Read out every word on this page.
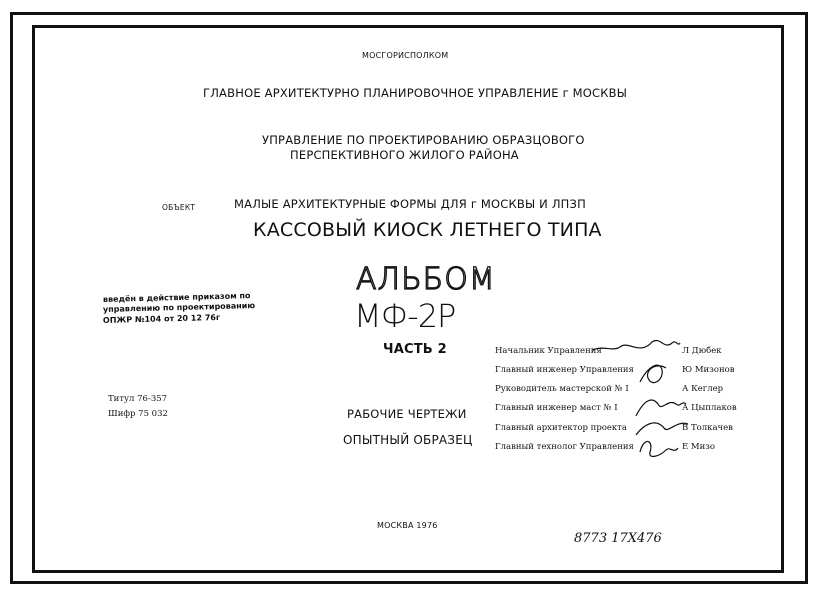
МОСГОРИСПОЛКОМ
ГЛАВНОЕ АРХИТЕКТУРНО ПЛАНИРОВОЧНОЕ УПРАВЛЕНИЕ г МОСКВЫ
УПРАВЛЕНИЕ ПО ПРОЕКТИРОВАНИЮ ОБРАЗЦОВОГО
ПЕРСПЕКТИВНОГО ЖИЛОГО РАЙОНА
ОБЪЕКТ	МАЛЫЕ АРХИТЕКТУРНЫЕ ФОРМЫ ДЛЯ г МОСКВЫ И ЛПЗП
КАССОВЫЙ КИОСК ЛЕТНЕГО ТИПА
АЛЬБОМ
МФ-2Р
ЧАСТЬ 2
РАБОЧИЕ ЧЕРТЕЖИ
ОПЫТНЫЙ ОБРАЗЕЦ
введён в действие приказом по
управлению по проектированию
ОПЖР №104 от 20 12 76г
Титул 76-357
Шифр 75 032
Начальник Управления	Л Дюбек
Главный инженер Управления	Ю Мизонов
Руководитель мастерской № I	А Кеглер
Главный инженер маст № I	А Цыплаков
Главный архитектор проекта	В Толкачев
Главный технолог Управления	Е Мизо
МОСКВА 1976
8773 17X476
